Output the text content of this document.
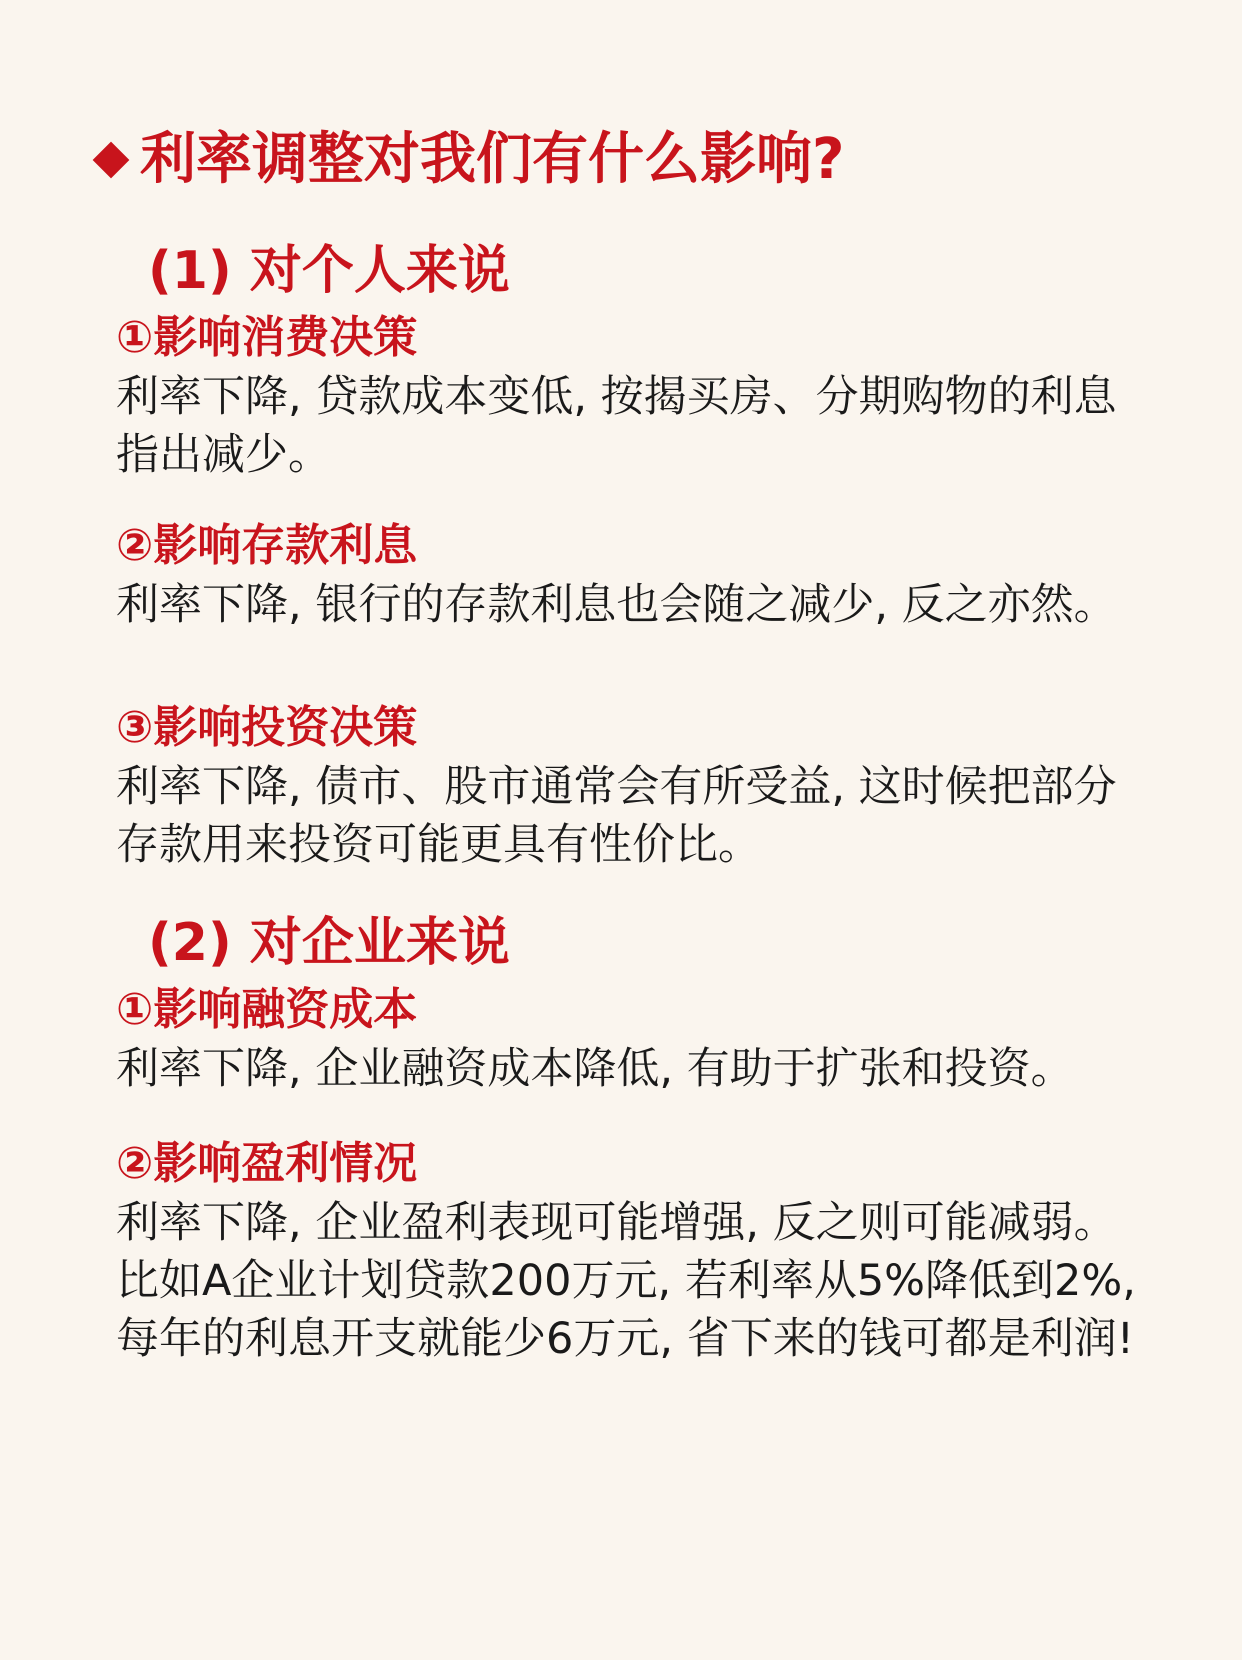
利率调整对我们有什么影响?
(1) 对个人来说
①影响消费决策

利率下降, 贷款成本变低, 按揭买房、分期购物的利息指出减少。

②影响存款利息

利率下降, 银行的存款利息也会随之减少, 反之亦然。

③影响投资决策

利率下降, 债市、股市通常会有所受益, 这时候把部分存款用来投资可能更具有性价比。

(2) 对企业来说
①影响融资成本

利率下降, 企业融资成本降低, 有助于扩张和投资。

②影响盈利情况

利率下降, 企业盈利表现可能增强, 反之则可能减弱。比如A企业计划贷款200万元, 若利率从5%降低到2%, 每年的利息开支就能少6万元, 省下来的钱可都是利润!
